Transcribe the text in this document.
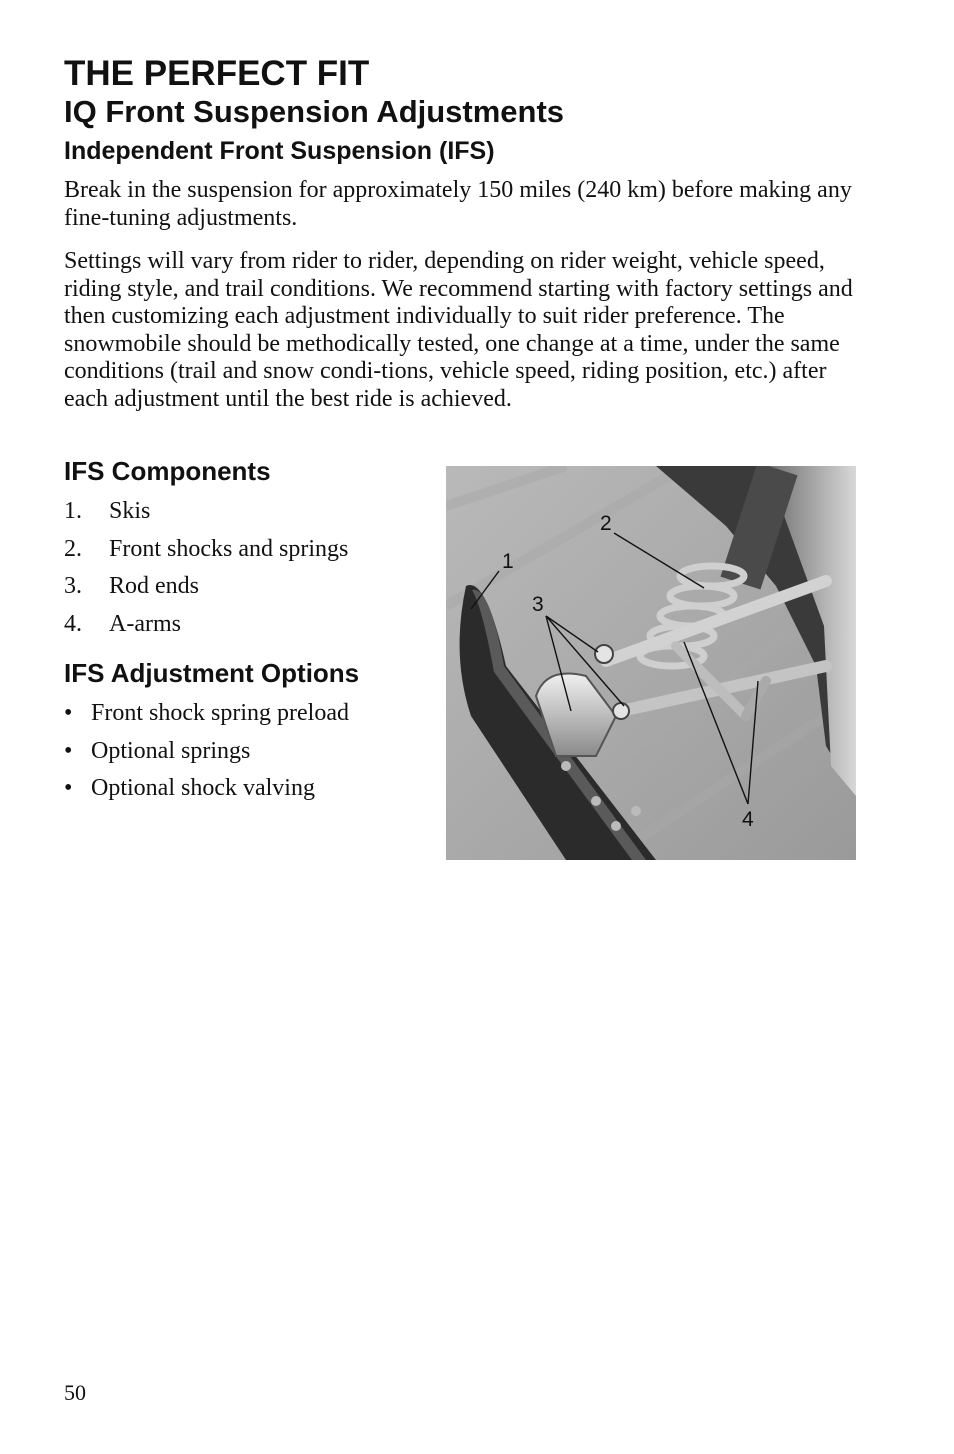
THE PERFECT FIT
IQ Front Suspension Adjustments
Independent Front Suspension (IFS)

Break in the suspension for approximately 150 miles (240 km) before making any fine-tuning adjustments.

Settings will vary from rider to rider, depending on rider weight, vehicle speed, riding style, and trail conditions. We recommend starting with factory settings and then customizing each adjustment individually to suit rider preference. The snowmobile should be methodically tested, one change at a time, under the same conditions (trail and snow condi-tions, vehicle speed, riding position, etc.) after each adjustment until the best ride is achieved.

IFS Components
1. Skis
2. Front shocks and springs
3. Rod ends
4. A-arms
IFS Adjustment Options
• Front shock spring preload
• Optional springs
• Optional shock valving
1
2
3
4

50
